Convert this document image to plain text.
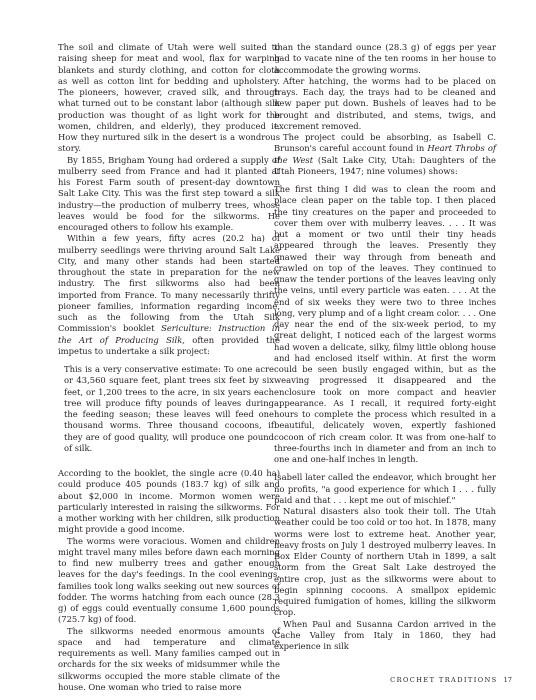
The soil and climate of Utah were well suited to raising sheep for meat and wool, flax for warping blankets and sturdy clothing, and cotton for cloth as well as cotton lint for bedding and upholstery. The pioneers, however, craved silk, and through what turned out to be constant labor (although silk production was thought of as light work for the women, children, and elderly), they produced it. How they nurtured silk in the desert is a wondrous story.

By 1855, Brigham Young had ordered a supply of mulberry seed from France and had it planted at his Forest Farm south of present-day downtown Salt Lake City. This was the first step toward a silk industry—the production of mulberry trees, whose leaves would be food for the silkworms. He encouraged others to follow his example.

Within a few years, fifty acres (20.2 ha) of mulberry seedlings were thriving around Salt Lake City, and many other stands had been started throughout the state in preparation for the new industry. The first silkworms also had been imported from France. To many necessarily thrifty pioneer families, information regarding income, such as the following from the Utah Silk Commission's booklet Sericulture: Instruction in the Art of Producing Silk, often provided the impetus to undertake a silk project:

This is a very conservative estimate: To one acre or 43,560 square feet, plant trees six feet by six feet, or 1,200 trees to the acre, in six years each tree will produce fifty pounds of leaves during the feeding season; these leaves will feed one thousand worms. Three thousand cocoons, if they are of good quality, will produce one pound of silk.

According to the booklet, the single acre (0.40 ha) could produce 405 pounds (183.7 kg) of silk and about $2,000 in income. Mormon women were particularly interested in raising the silkworms. For a mother working with her children, silk production might provide a good income.

The worms were voracious. Women and children might travel many miles before dawn each morning to find new mulberry trees and gather enough leaves for the day's feedings. In the cool evenings, families took long walks seeking out new sources of fodder. The worms hatching from each ounce (28.3 g) of eggs could eventually consume 1,600 pounds (725.7 kg) of food.

The silkworms needed enormous amounts of space and had temperature and climate requirements as well. Many families camped out in orchards for the six weeks of midsummer while the silkworms occupied the more stable climate of the house. One woman who tried to raise more

than the standard ounce (28.3 g) of eggs per year had to vacate nine of the ten rooms in her house to accommodate the growing worms.

After hatching, the worms had to be placed on trays. Each day, the trays had to be cleaned and new paper put down. Bushels of leaves had to be brought and distributed, and stems, twigs, and excrement removed.

The project could be absorbing, as Isabell C. Brunson's careful account found in Heart Throbs of the West (Salt Lake City, Utah: Daughters of the Utah Pioneers, 1947; nine volumes) shows:

The first thing I did was to clean the room and place clean paper on the table top. I then placed the tiny creatures on the paper and proceeded to cover them over with mulberry leaves. . . . It was but a moment or two until their tiny heads appeared through the leaves. Presently they gnawed their way through from beneath and crawled on top of the leaves. They continued to gnaw the tender portions of the leaves leaving only the veins, until every particle was eaten. . . . At the end of six weeks they were two to three inches long, very plump and of a light cream color. . . . One day near the end of the six-week period, to my great delight, I noticed each of the largest worms had woven a delicate, silky, filmy little oblong house and had enclosed itself within. At first the worm could be seen busily engaged within, but as the weaving progressed it disappeared and the enclosure took on more compact and heavier appearance. As I recall, it required forty-eight hours to complete the process which resulted in a beautiful, delicately woven, expertly fashioned cocoon of rich cream color. It was from one-half to three-fourths inch in diameter and from an inch to one and one-half inches in length.

Isabell later called the endeavor, which brought her no profits, "a good experience for which I . . . fully paid and that . . . kept me out of mischief."

Natural disasters also took their toll. The Utah weather could be too cold or too hot. In 1878, many worms were lost to extreme heat. Another year, heavy frosts on July 1 destroyed mulberry leaves. In Box Elder County of northern Utah in 1899, a salt storm from the Great Salt Lake destroyed the entire crop, just as the silkworms were about to begin spinning cocoons. A smallpox epidemic required fumigation of homes, killing the silkworm crop.

When Paul and Susanna Cardon arrived in the Cache Valley from Italy in 1860, they had experience in silk

CROCHET TRADITIONS 17
